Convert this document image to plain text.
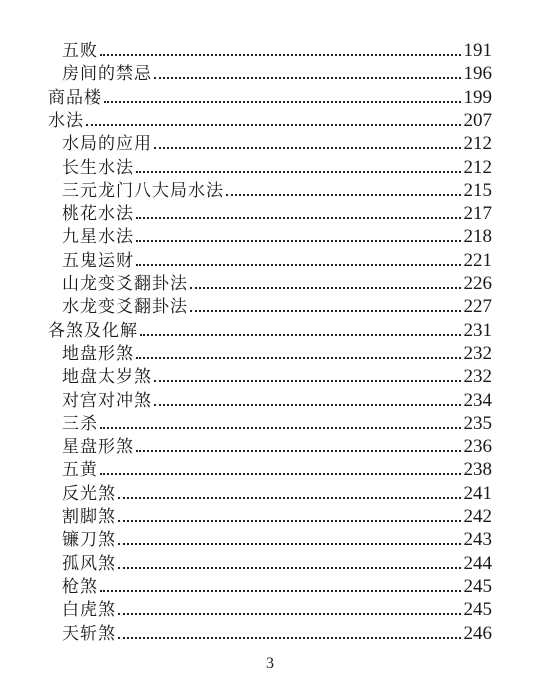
五败	191
房间的禁忌	196
商品楼	199
水法	207
水局的应用	212
长生水法	212
三元龙门八大局水法	215
桃花水法	217
九星水法	218
五鬼运财	221
山龙变爻翻卦法	226
水龙变爻翻卦法	227
各煞及化解	231
地盘形煞	232
地盘太岁煞	232
对宫对冲煞	234
三杀	235
星盘形煞	236
五黄	238
反光煞	241
割脚煞	242
镰刀煞	243
孤风煞	244
枪煞	245
白虎煞	245
天斩煞	246
3
